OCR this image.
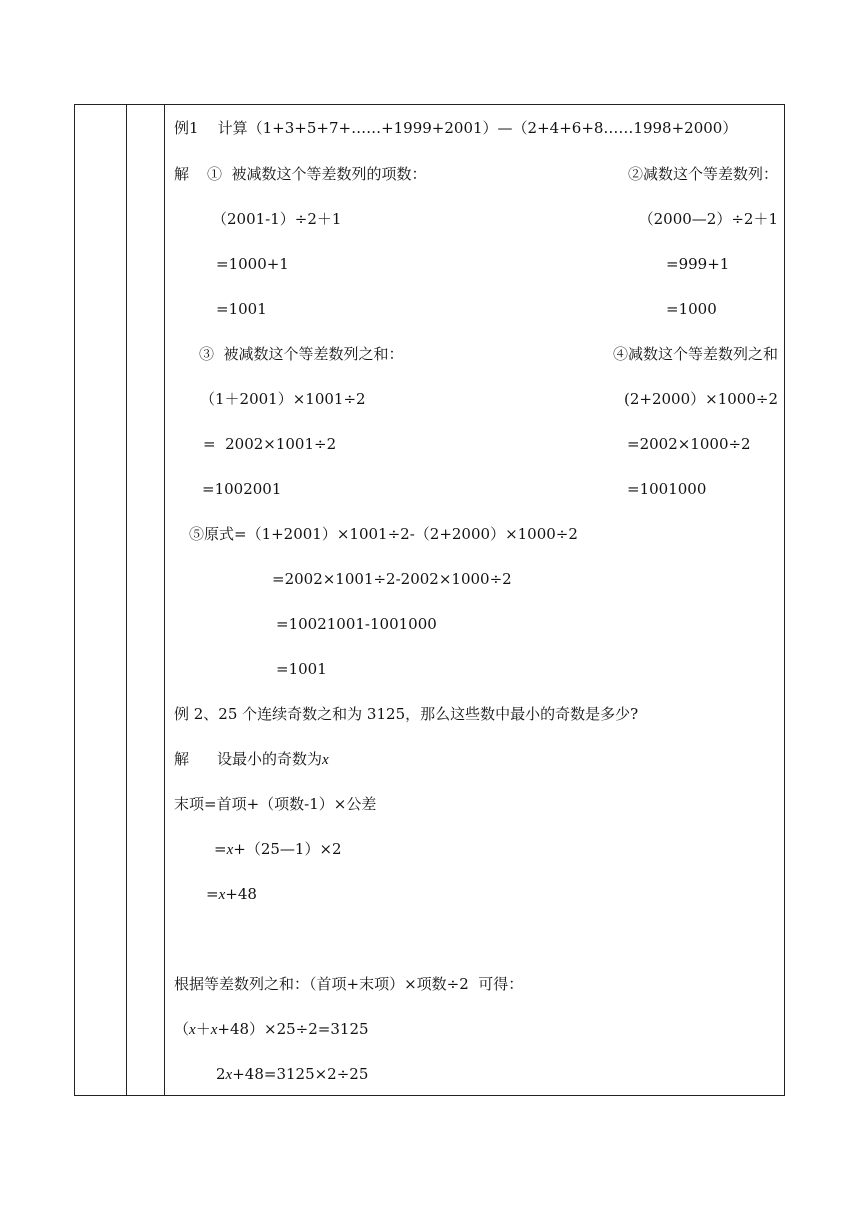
例1    计算（1+3+5+7+……+1999+2001）—（2+4+6+8……1998+2000）
解 ①  被减数这个等差数列的项数：	②减数这个等差数列：
（2001-1）÷2＋1	（2000—2）÷2＋1
=1000+1	=999+1
=1001	=1000
③  被减数这个等差数列之和：	④减数这个等差数列之和
（1＋2001）×1001÷2	(2+2000）×1000÷2
=  2002×1001÷2	=2002×1000÷2
=1002001	=1001000
⑤原式=（1+2001）×1001÷2-（2+2000）×1000÷2
=2002×1001÷2-2002×1000÷2
=10021001-1001000
=1001
例 2、25 个连续奇数之和为 3125，那么这些数中最小的奇数是多少?
解 设最小的奇数为x
末项=首项+（项数-1）×公差
=x+（25—1）×2
=x+48
根据等差数列之和：（首项+末项）×项数÷2  可得：
（x＋x+48）×25÷2=3125
2x+48=3125×2÷25
